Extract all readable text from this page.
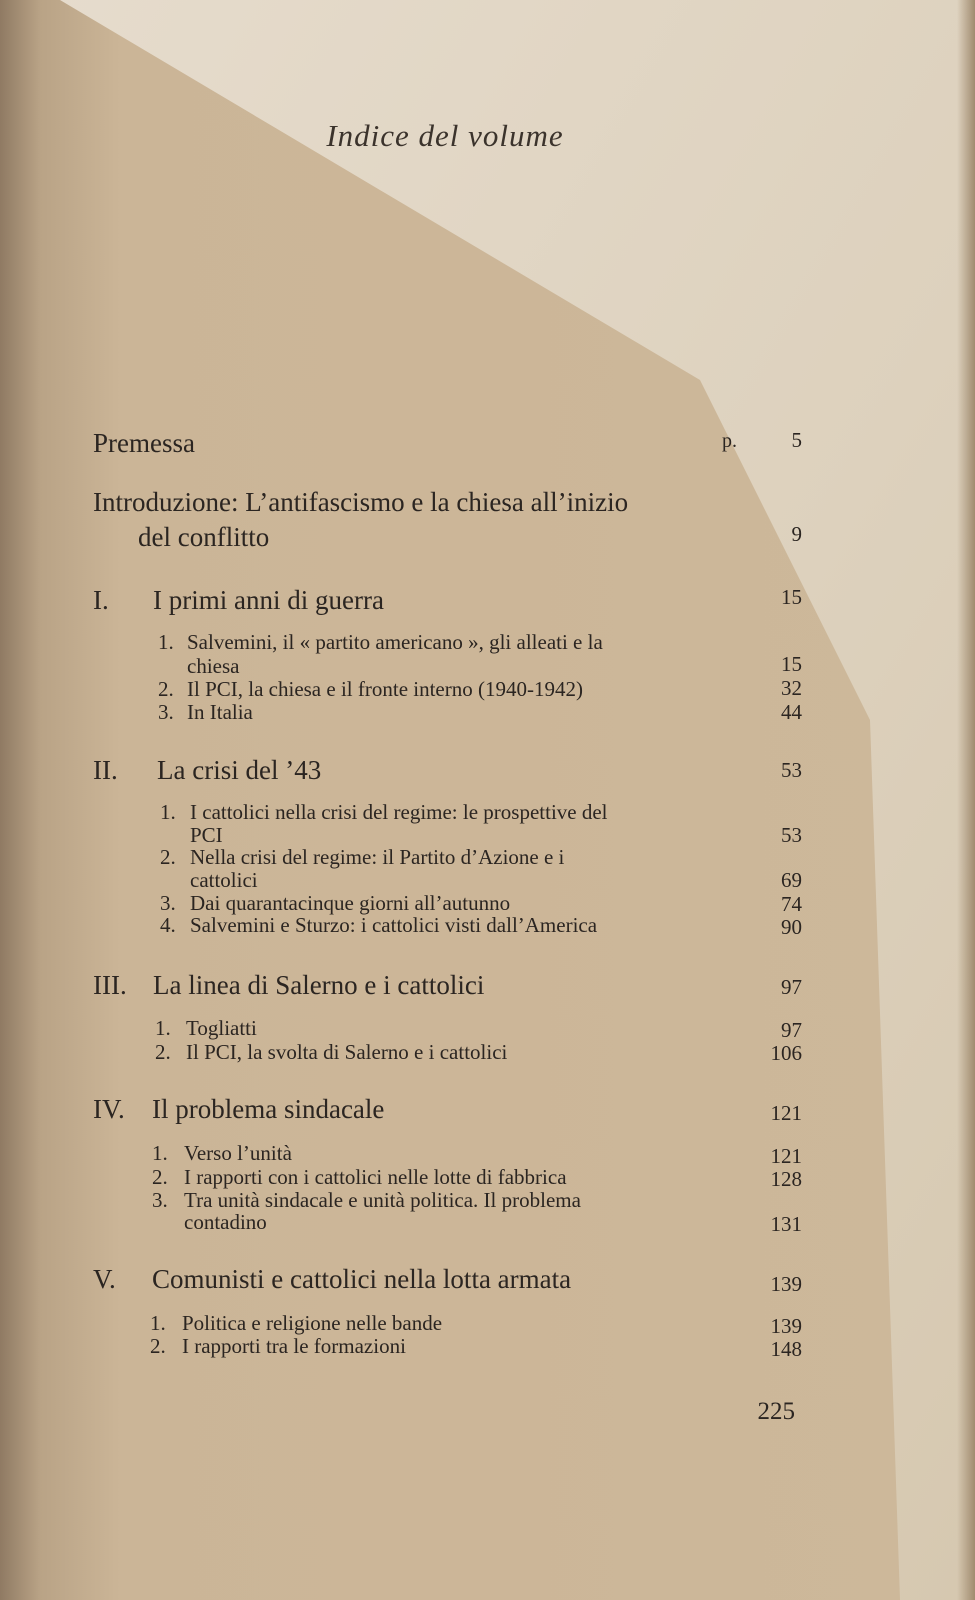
Indice del volume
Premessa	p.	5
Introduzione: L’antifascismo e la chiesa all’inizio
del conflitto	9
I. I primi anni di guerra	15
1. Salvemini, il « partito americano », gli alleati e la
chiesa	15
2. Il PCI, la chiesa e il fronte interno (1940-1942)	32
3. In Italia	44
II. La crisi del ’43	53
1. I cattolici nella crisi del regime: le prospettive del
PCI	53
2. Nella crisi del regime: il Partito d’Azione e i
cattolici	69
3. Dai quarantacinque giorni all’autunno	74
4. Salvemini e Sturzo: i cattolici visti dall’America	90
III. La linea di Salerno e i cattolici	97
1. Togliatti	97
2. Il PCI, la svolta di Salerno e i cattolici	106
IV. Il problema sindacale	121
1. Verso l’unità	121
2. I rapporti con i cattolici nelle lotte di fabbrica	128
3. Tra unità sindacale e unità politica. Il problema
contadino	131
V. Comunisti e cattolici nella lotta armata	139
1. Politica e religione nelle bande	139
2. I rapporti tra le formazioni	148
225
